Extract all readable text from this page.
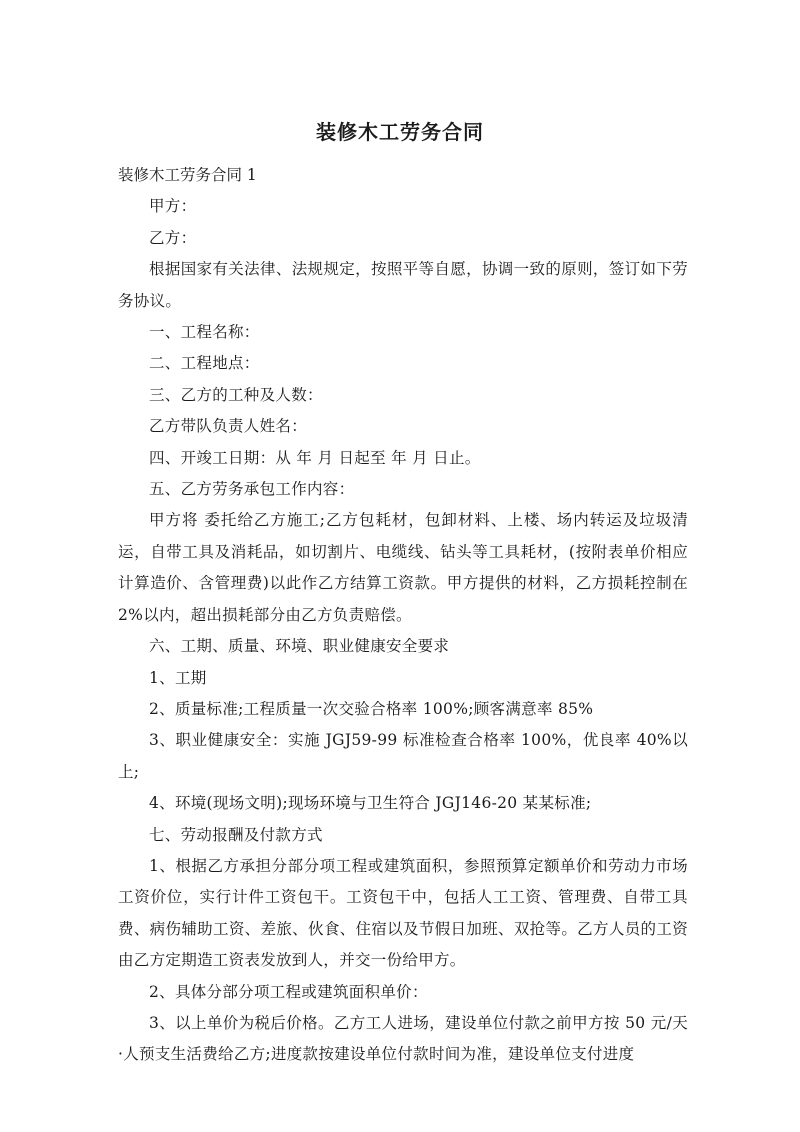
装修木工劳务合同

装修木工劳务合同 1

甲方：

乙方：

根据国家有关法律、法规规定，按照平等自愿，协调一致的原则，签订如下劳务协议。

一、工程名称：

二、工程地点：

三、乙方的工种及人数：

乙方带队负责人姓名：

四、开竣工日期：从 年 月 日起至 年 月 日止。

五、乙方劳务承包工作内容：

甲方将 委托给乙方施工;乙方包耗材，包卸材料、上楼、场内转运及垃圾清运，自带工具及消耗品，如切割片、电缆线、钻头等工具耗材，(按附表单价相应计算造价、含管理费)以此作乙方结算工资款。甲方提供的材料，乙方损耗控制在 2%以内，超出损耗部分由乙方负责赔偿。

六、工期、质量、环境、职业健康安全要求

1、工期

2、质量标准;工程质量一次交验合格率 100%;顾客满意率 85%

3、职业健康安全：实施 JGJ59-99 标准检查合格率 100%，优良率 40%以上;

4、环境(现场文明);现场环境与卫生符合 JGJ146-20 某某标准;

七、劳动报酬及付款方式

1、根据乙方承担分部分项工程或建筑面积，参照预算定额单价和劳动力市场工资价位，实行计件工资包干。工资包干中，包括人工工资、管理费、自带工具费、病伤辅助工资、差旅、伙食、住宿以及节假日加班、双抢等。乙方人员的工资由乙方定期造工资表发放到人，并交一份给甲方。

2、具体分部分项工程或建筑面积单价：

3、以上单价为税后价格。乙方工人进场，建设单位付款之前甲方按 50 元/天·人预支生活费给乙方;进度款按建设单位付款时间为准，建设单位支付进度
